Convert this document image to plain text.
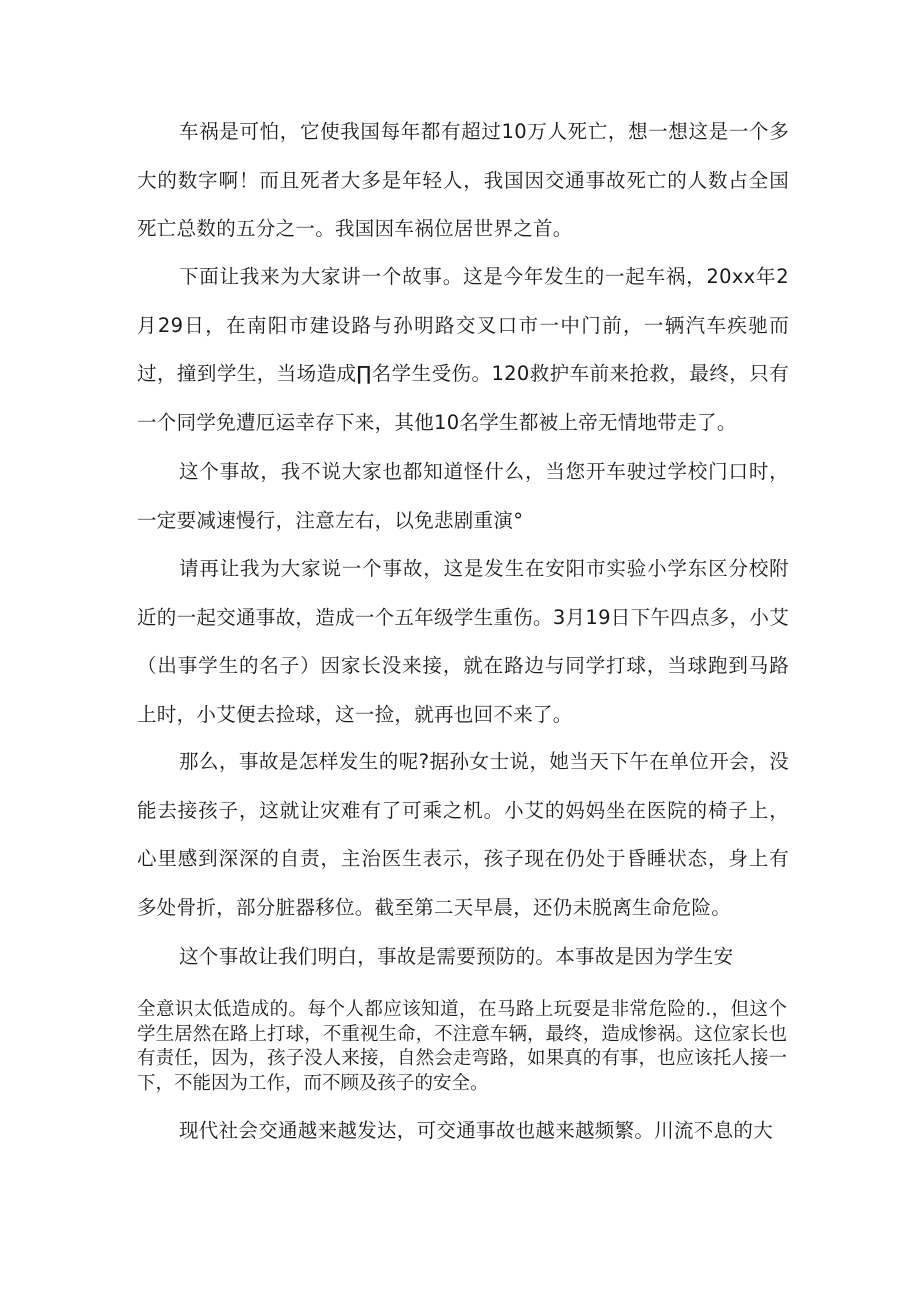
车祸是可怕，它使我国每年都有超过10万人死亡，想一想这是一个多大的数字啊！而且死者大多是年轻人，我国因交通事故死亡的人数占全国死亡总数的五分之一。我国因车祸位居世界之首。

下面让我来为大家讲一个故事。这是今年发生的一起车祸，20xx年2月29日，在南阳市建设路与孙明路交叉口市一中门前，一辆汽车疾驰而过，撞到学生，当场造成∏名学生受伤。120救护车前来抢救，最终，只有一个同学免遭厄运幸存下来，其他10名学生都被上帝无情地带走了。

这个事故，我不说大家也都知道怪什么，当您开车驶过学校门口时，一定要减速慢行，注意左右，以免悲剧重演°

请再让我为大家说一个事故，这是发生在安阳市实验小学东区分校附近的一起交通事故，造成一个五年级学生重伤。3月19日下午四点多，小艾（出事学生的名子）因家长没来接，就在路边与同学打球，当球跑到马路上时，小艾便去捡球，这一捡，就再也回不来了。

那么，事故是怎样发生的呢?据孙女士说，她当天下午在单位开会，没能去接孩子，这就让灾难有了可乘之机。小艾的妈妈坐在医院的椅子上，心里感到深深的自责，主治医生表示，孩子现在仍处于昏睡状态，身上有多处骨折，部分脏器移位。截至第二天早晨，还仍未脱离生命危险。

这个事故让我们明白，事故是需要预防的。本事故是因为学生安

全意识太低造成的。每个人都应该知道，在马路上玩耍是非常危险的.，但这个学生居然在路上打球，不重视生命，不注意车辆，最终，造成惨祸。这位家长也有责任，因为，孩子没人来接，自然会走弯路，如果真的有事，也应该托人接一下，不能因为工作，而不顾及孩子的安全。

现代社会交通越来越发达，可交通事故也越来越频繁。川流不息的大
